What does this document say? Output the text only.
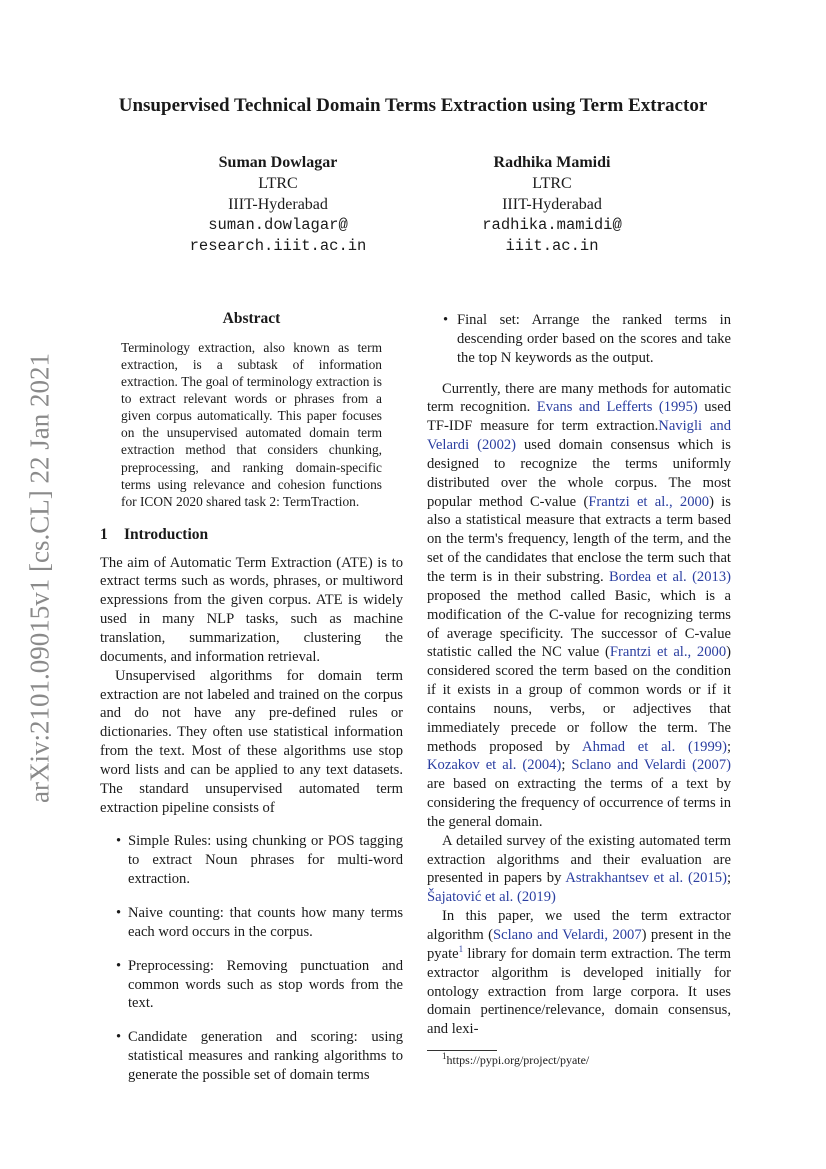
arXiv:2101.09015v1 [cs.CL] 22 Jan 2021
Unsupervised Technical Domain Terms Extraction using Term Extractor
Suman Dowlagar
LTRC
IIIT-Hyderabad
suman.dowlagar@
research.iiit.ac.in
Radhika Mamidi
LTRC
IIIT-Hyderabad
radhika.mamidi@
iiit.ac.in
Abstract

Terminology extraction, also known as term extraction, is a subtask of information extraction. The goal of terminology extraction is to extract relevant words or phrases from a given corpus automatically. This paper focuses on the unsupervised automated domain term extraction method that considers chunking, preprocessing, and ranking domain-specific terms using relevance and cohesion functions for ICON 2020 shared task 2: TermTraction.

1 Introduction

The aim of Automatic Term Extraction (ATE) is to extract terms such as words, phrases, or multiword expressions from the given corpus. ATE is widely used in many NLP tasks, such as machine translation, summarization, clustering the documents, and information retrieval.

Unsupervised algorithms for domain term extraction are not labeled and trained on the corpus and do not have any pre-defined rules or dictionaries. They often use statistical information from the text. Most of these algorithms use stop word lists and can be applied to any text datasets. The standard unsupervised automated term extraction pipeline consists of

• Simple Rules: using chunking or POS tagging to extract Noun phrases for multi-word extraction.
• Naive counting: that counts how many terms each word occurs in the corpus.
• Preprocessing: Removing punctuation and common words such as stop words from the text.
• Candidate generation and scoring: using statistical measures and ranking algorithms to generate the possible set of domain terms
• Final set: Arrange the ranked terms in descending order based on the scores and take the top N keywords as the output.

Currently, there are many methods for automatic term recognition. Evans and Lefferts (1995) used TF-IDF measure for term extraction.Navigli and Velardi (2002) used domain consensus which is designed to recognize the terms uniformly distributed over the whole corpus. The most popular method C-value (Frantzi et al., 2000) is also a statistical measure that extracts a term based on the term's frequency, length of the term, and the set of the candidates that enclose the term such that the term is in their substring. Bordea et al. (2013) proposed the method called Basic, which is a modification of the C-value for recognizing terms of average specificity. The successor of C-value statistic called the NC value (Frantzi et al., 2000) considered scored the term based on the condition if it exists in a group of common words or if it contains nouns, verbs, or adjectives that immediately precede or follow the term. The methods proposed by Ahmad et al. (1999); Kozakov et al. (2004); Sclano and Velardi (2007) are based on extracting the terms of a text by considering the frequency of occurrence of terms in the general domain.

A detailed survey of the existing automated term extraction algorithms and their evaluation are presented in papers by Astrakhantsev et al. (2015); Šajatović et al. (2019)

In this paper, we used the term extractor algorithm (Sclano and Velardi, 2007) present in the pyate$^1$ library for domain term extraction. The term extractor algorithm is developed initially for ontology extraction from large corpora. It uses domain pertinence/relevance, domain consensus, and lexi-

$^1$https://pypi.org/project/pyate/
